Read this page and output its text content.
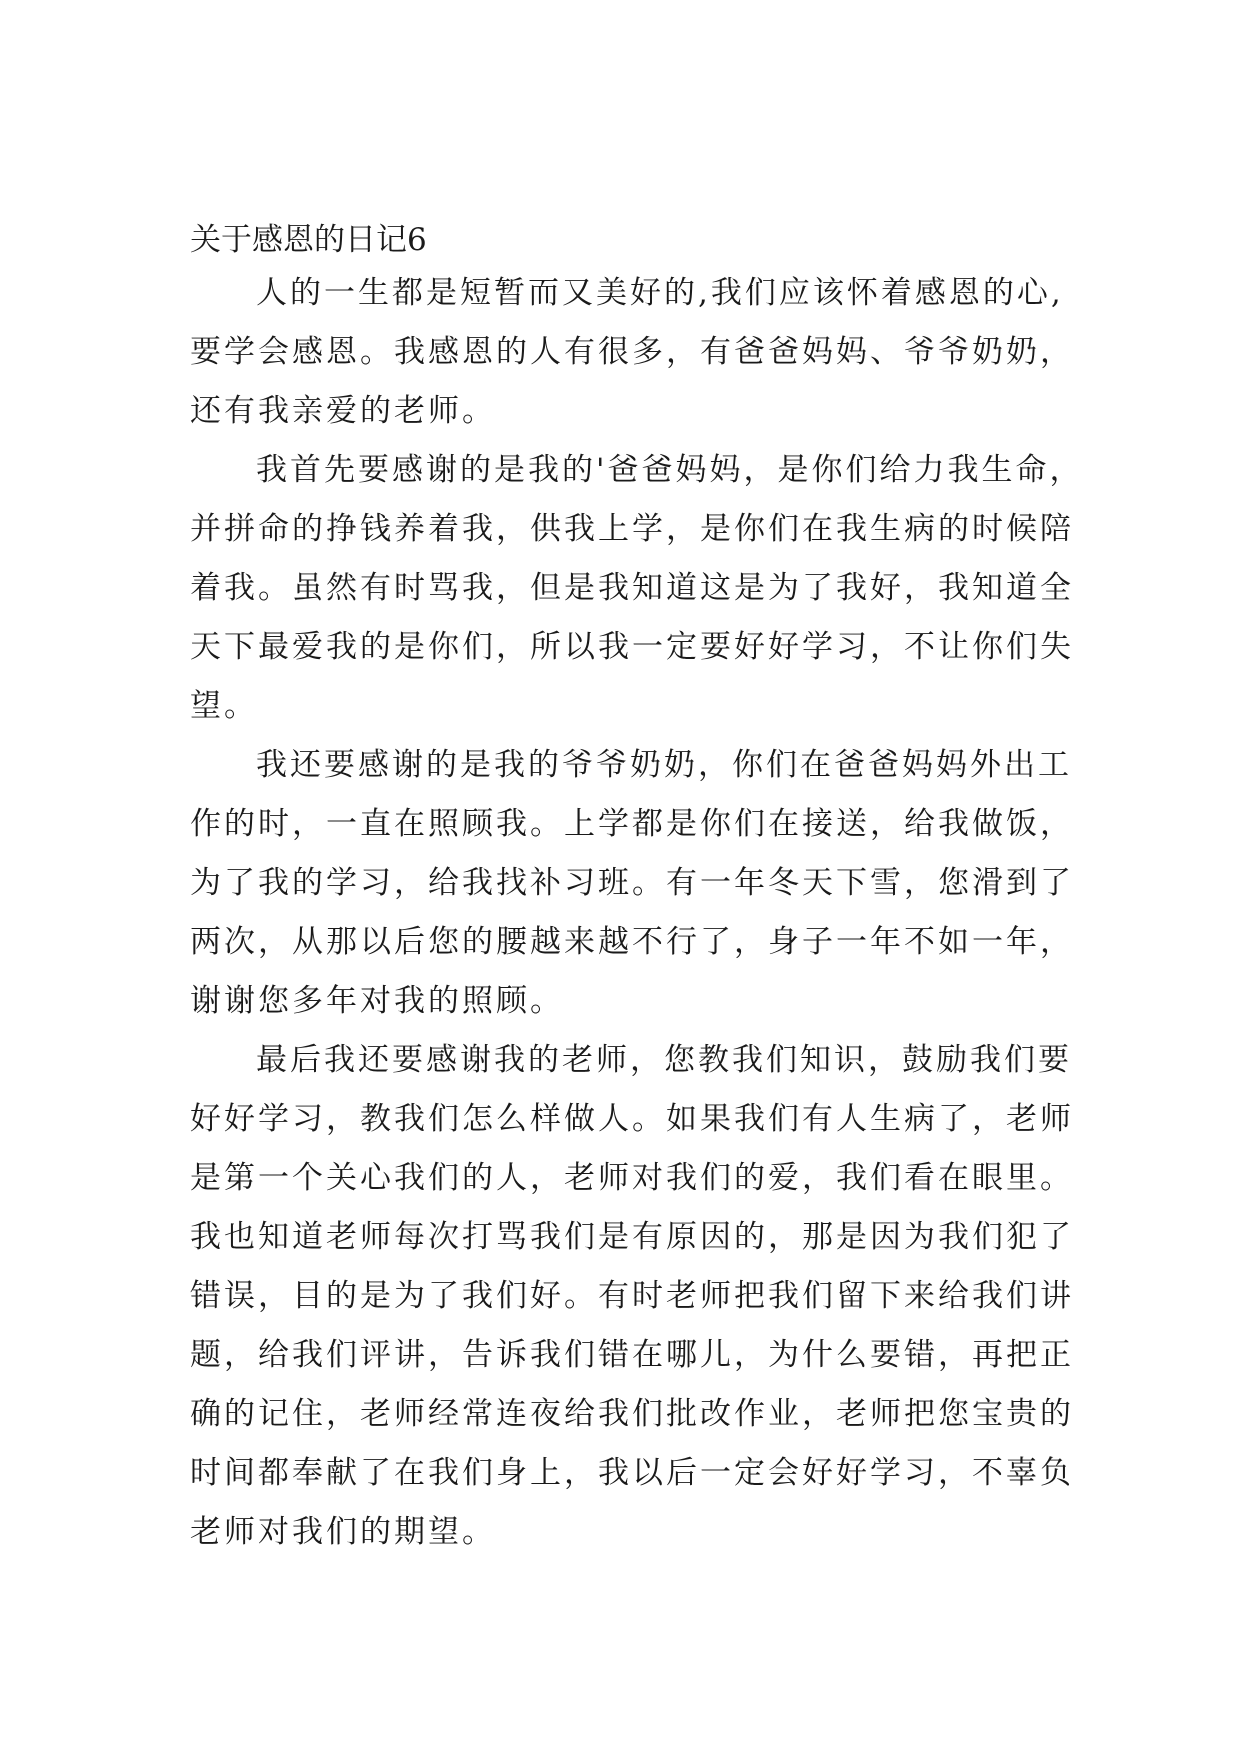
关于感恩的日记6

人的一生都是短暂而又美好的,我们应该怀着感恩的心,
要学会感恩。我感恩的人有很多，有爸爸妈妈、爷爷奶奶，
还有我亲爱的老师。

我首先要感谢的是我的'爸爸妈妈，是你们给力我生命，
并拼命的挣钱养着我，供我上学，是你们在我生病的时候陪
着我。虽然有时骂我，但是我知道这是为了我好，我知道全
天下最爱我的是你们，所以我一定要好好学习，不让你们失
望。

我还要感谢的是我的爷爷奶奶，你们在爸爸妈妈外出工
作的时，一直在照顾我。上学都是你们在接送，给我做饭，
为了我的学习，给我找补习班。有一年冬天下雪，您滑到了
两次，从那以后您的腰越来越不行了，身子一年不如一年，
谢谢您多年对我的照顾。

最后我还要感谢我的老师，您教我们知识，鼓励我们要
好好学习，教我们怎么样做人。如果我们有人生病了，老师
是第一个关心我们的人，老师对我们的爱，我们看在眼里。
我也知道老师每次打骂我们是有原因的，那是因为我们犯了
错误，目的是为了我们好。有时老师把我们留下来给我们讲
题，给我们评讲，告诉我们错在哪儿，为什么要错，再把正
确的记住，老师经常连夜给我们批改作业，老师把您宝贵的
时间都奉献了在我们身上，我以后一定会好好学习，不辜负
老师对我们的期望。
